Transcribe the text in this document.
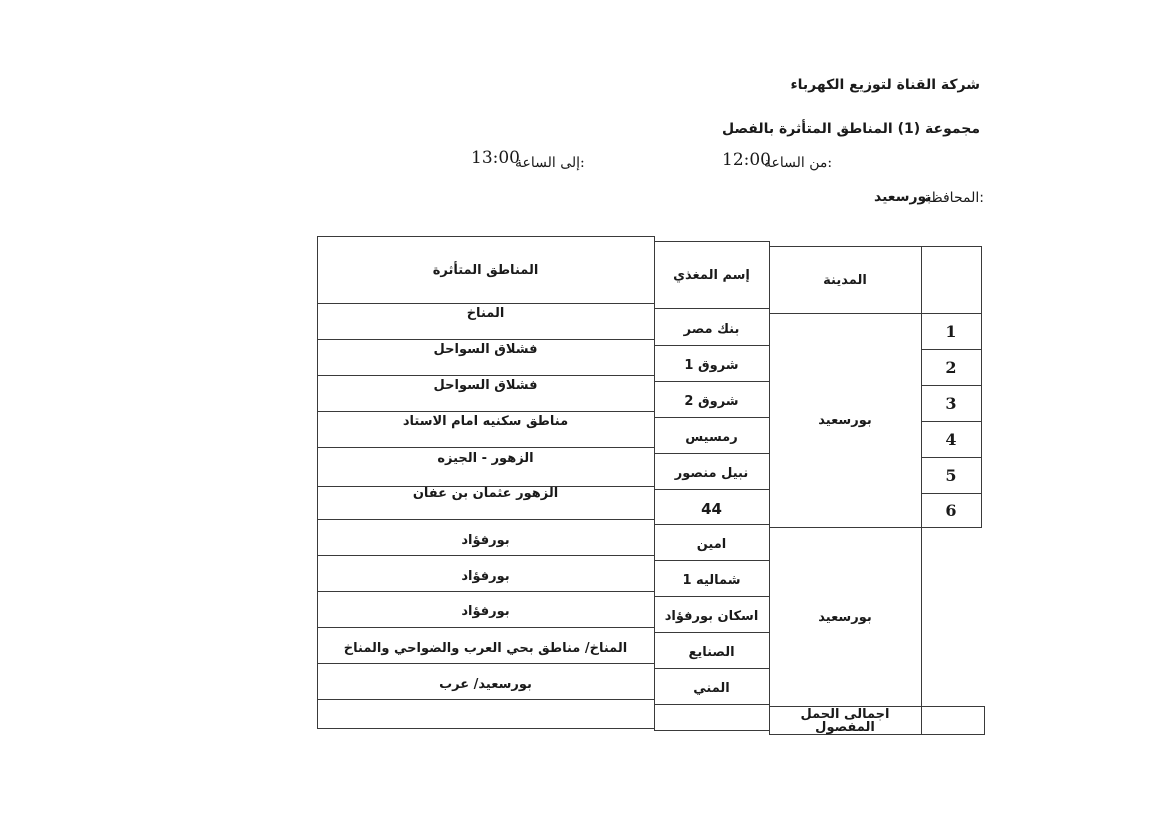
شركة القناة لتوزيع الكهرباء
مجموعة (1) المناطق المتأثرة بالفصل
من الساعة:
12:00
إلى الساعة:
13:00
المحافظة:
بورسعيد
المناطق المتأثرة	إسم المغذي	المدينة
المناخ
فشلاق السواحل
فشلاق السواحل
مناطق سكنيه امام الاستاد
الزهور - الجيزه
الزهور عثمان بن عفان
بنك مصر
شروق 1
شروق 2
رمسيس
نبيل منصور
44
بورسعيد
1
2
3
4
5
6
بورفؤاد
بورفؤاد
بورفؤاد
المناخ/ مناطق بحي العرب والضواحي والمناخ
بورسعيد/ عرب
امين
شماليه 1
اسكان بورفؤاد
الصنايع
المني
بورسعيد
اجمالى الحمل المفصول
